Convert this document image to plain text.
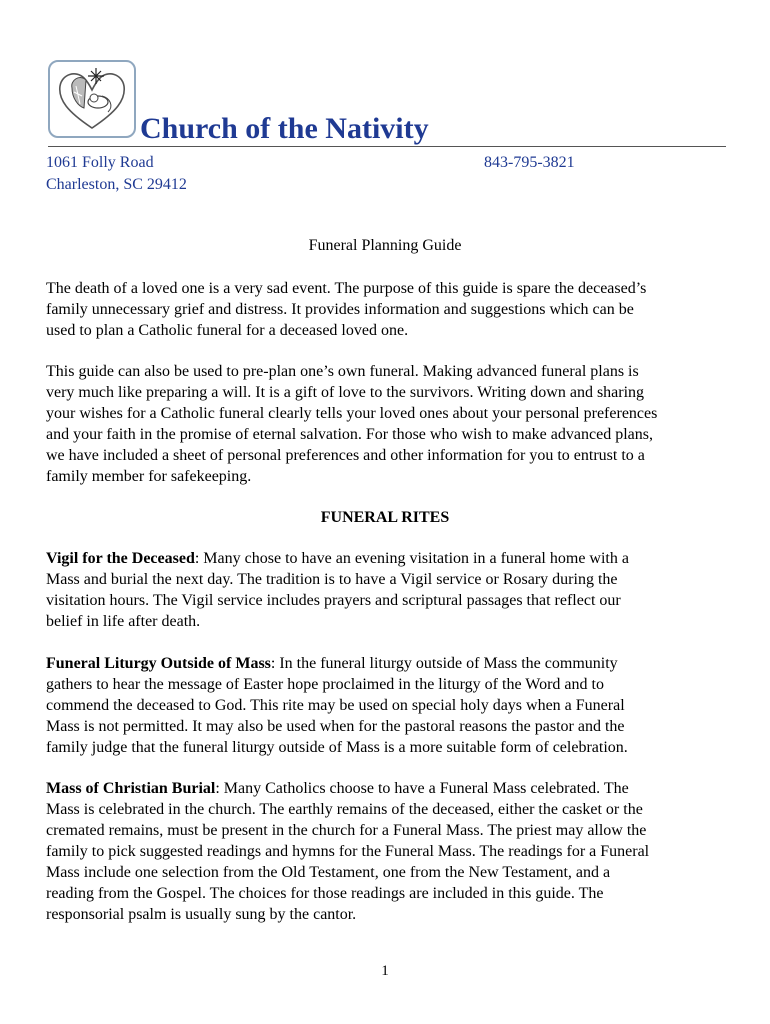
Church of the Nativity
1061 Folly Road
Charleston, SC 29412
843-795-3821
Funeral Planning Guide
The death of a loved one is a very sad event. The purpose of this guide is spare the deceased’s
family unnecessary grief and distress. It provides information and suggestions which can be
used to plan a Catholic funeral for a deceased loved one.
This guide can also be used to pre-plan one’s own funeral. Making advanced funeral plans is
very much like preparing a will. It is a gift of love to the survivors. Writing down and sharing
your wishes for a Catholic funeral clearly tells your loved ones about your personal preferences
and your faith in the promise of eternal salvation. For those who wish to make advanced plans,
we have included a sheet of personal preferences and other information for you to entrust to a
family member for safekeeping.
FUNERAL RITES
Vigil for the Deceased: Many chose to have an evening visitation in a funeral home with a
Mass and burial the next day. The tradition is to have a Vigil service or Rosary during the
visitation hours. The Vigil service includes prayers and scriptural passages that reflect our
belief in life after death.
Funeral Liturgy Outside of Mass: In the funeral liturgy outside of Mass the community
gathers to hear the message of Easter hope proclaimed in the liturgy of the Word and to
commend the deceased to God. This rite may be used on special holy days when a Funeral
Mass is not permitted. It may also be used when for the pastoral reasons the pastor and the
family judge that the funeral liturgy outside of Mass is a more suitable form of celebration.
Mass of Christian Burial: Many Catholics choose to have a Funeral Mass celebrated. The
Mass is celebrated in the church. The earthly remains of the deceased, either the casket or the
cremated remains, must be present in the church for a Funeral Mass. The priest may allow the
family to pick suggested readings and hymns for the Funeral Mass. The readings for a Funeral
Mass include one selection from the Old Testament, one from the New Testament, and a
reading from the Gospel. The choices for those readings are included in this guide. The
responsorial psalm is usually sung by the cantor.
1
